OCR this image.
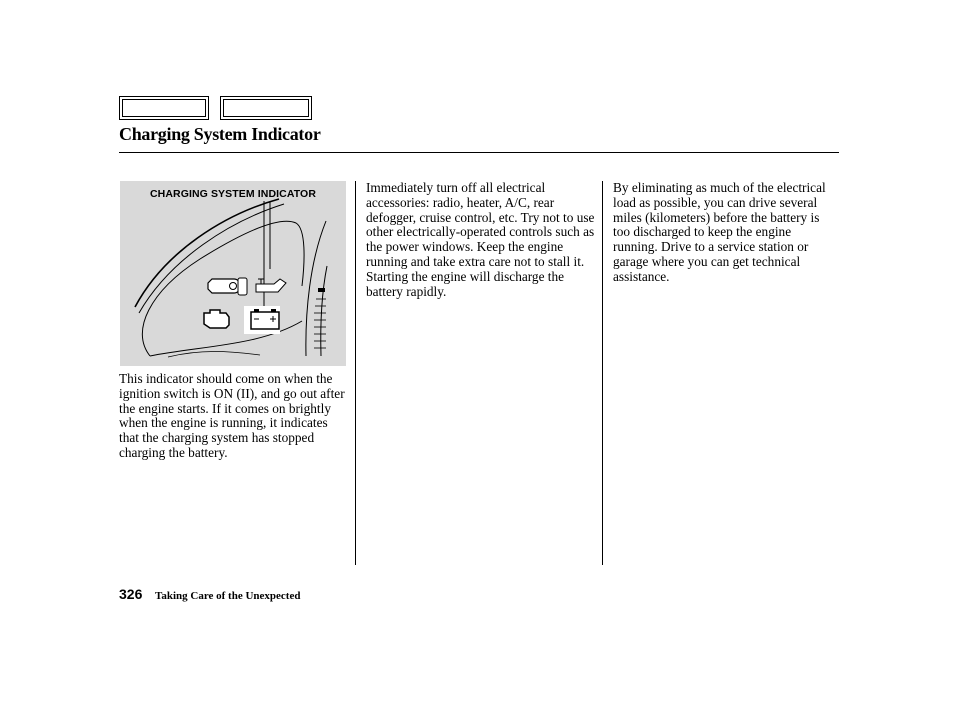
Charging System Indicator
CHARGING SYSTEM INDICATOR

This indicator should come on when the ignition switch is ON (II), and go out after the engine starts. If it comes on brightly when the engine is running, it indicates that the charging system has stopped charging the battery.

Immediately turn off all electrical accessories: radio, heater, A/C, rear defogger, cruise control, etc. Try not to use other electrically-operated controls such as the power windows. Keep the engine running and take extra care not to stall it. Starting the engine will discharge the battery rapidly.

By eliminating as much of the electrical load as possible, you can drive several miles (kilometers) before the battery is too discharged to keep the engine running. Drive to a service station or garage where you can get technical assistance.

326 Taking Care of the Unexpected
